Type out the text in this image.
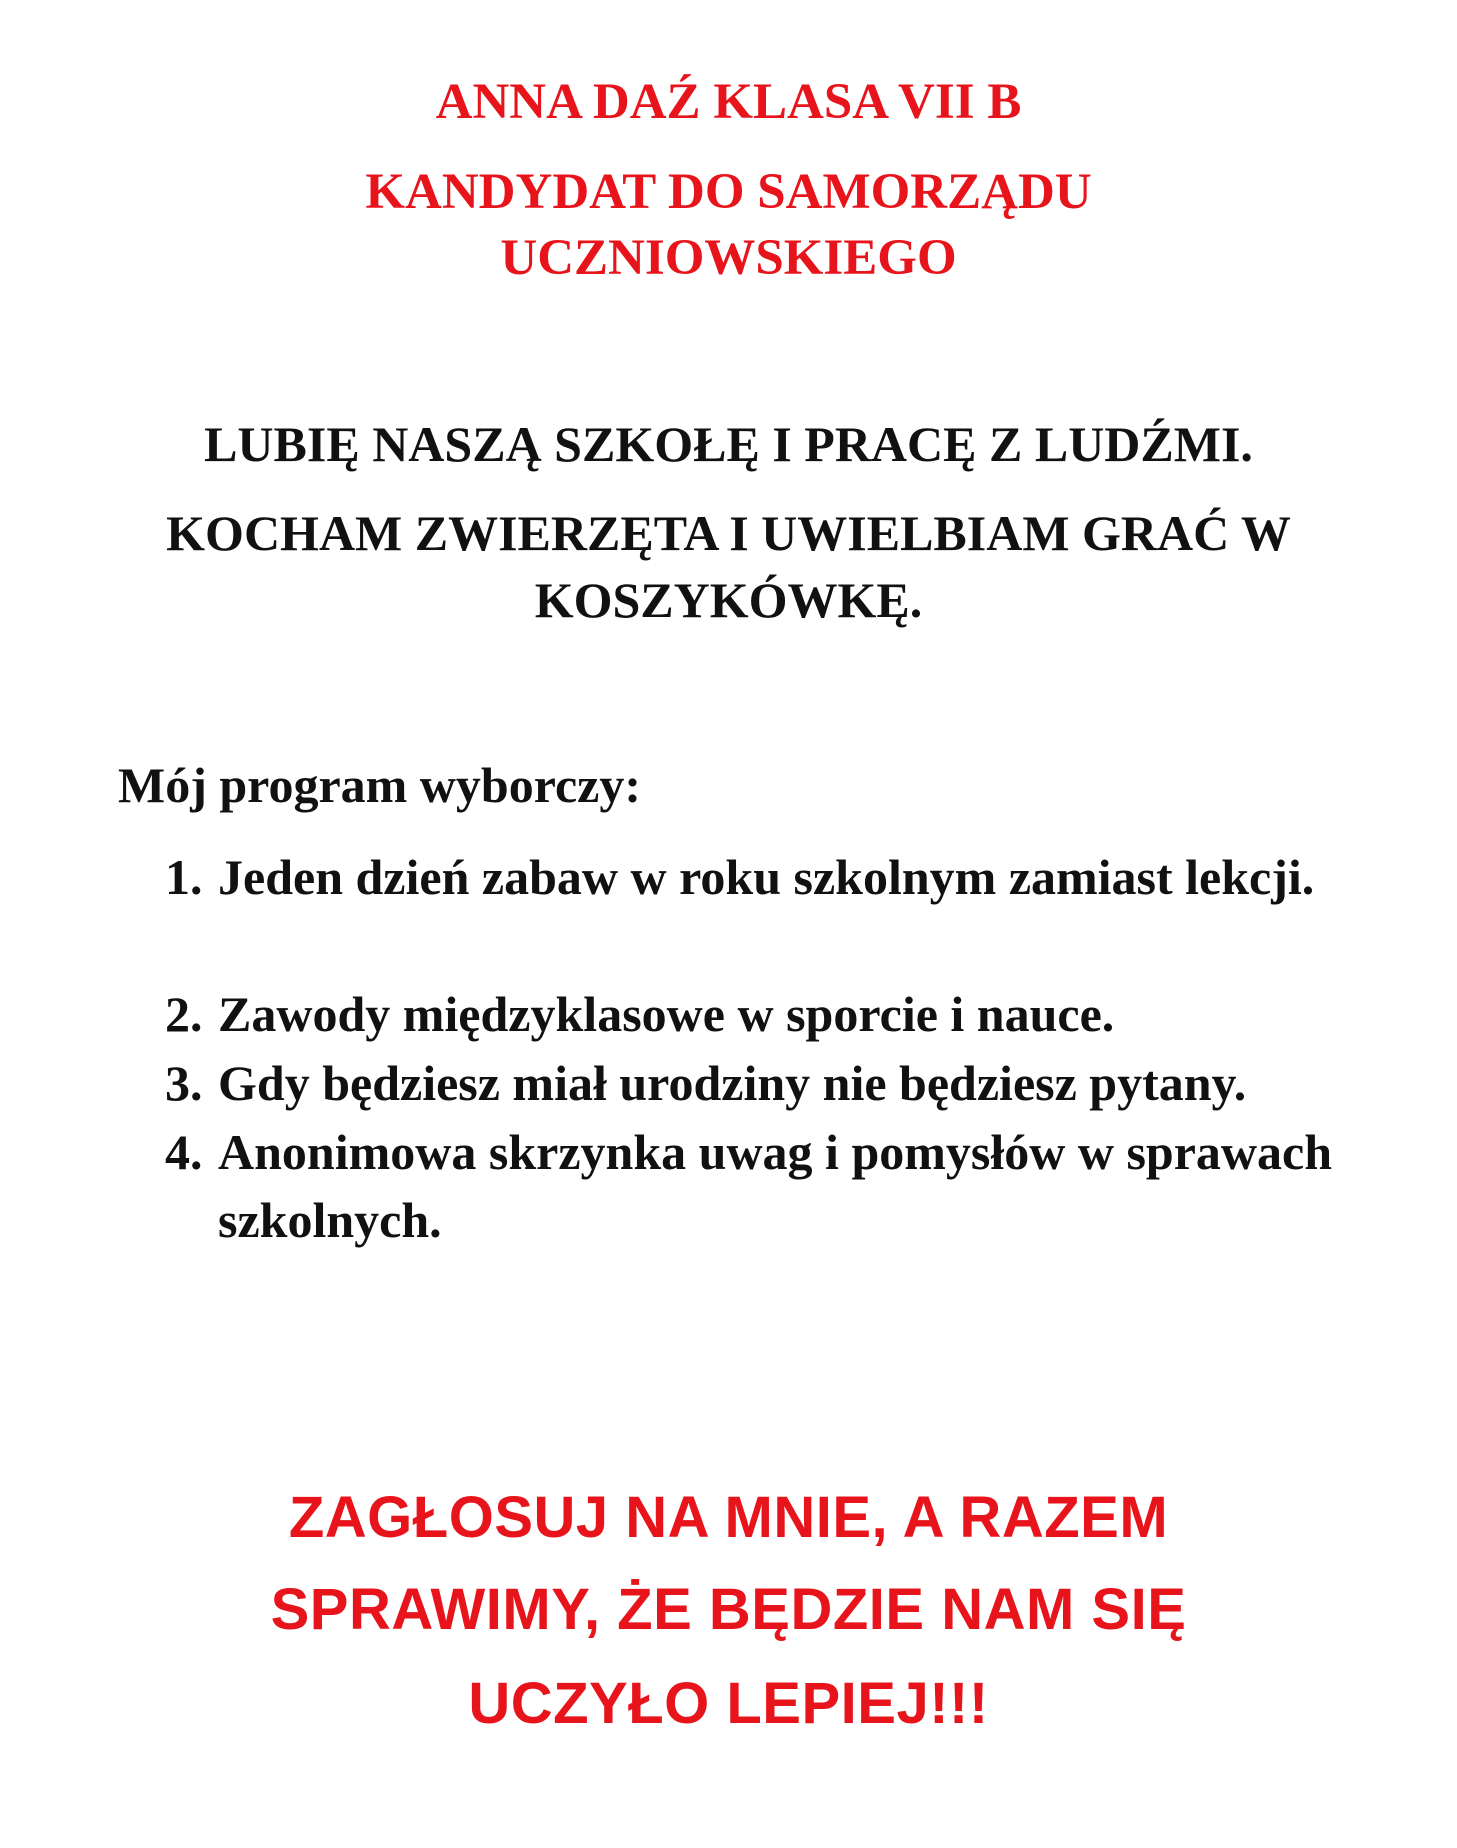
ANNA DAŹ KLASA VII B

KANDYDAT DO SAMORZĄDU

UCZNIOWSKIEGO

LUBIĘ NASZĄ SZKOŁĘ I PRACĘ Z LUDŹMI.

KOCHAM ZWIERZĘTA I UWIELBIAM GRAĆ W

KOSZYKÓWKĘ.

Mój program wyborczy:

1. Jeden dzień zabaw w roku szkolnym zamiast lekcji.
2. Zawody międzyklasowe w sporcie i nauce.
3. Gdy będziesz miał urodziny nie będziesz pytany.
4. Anonimowa skrzynka uwag i pomysłów w sprawach szkolnych.

ZAGŁOSUJ NA MNIE, A RAZEM

SPRAWIMY, ŻE BĘDZIE NAM SIĘ

UCZYŁO LEPIEJ!!!
